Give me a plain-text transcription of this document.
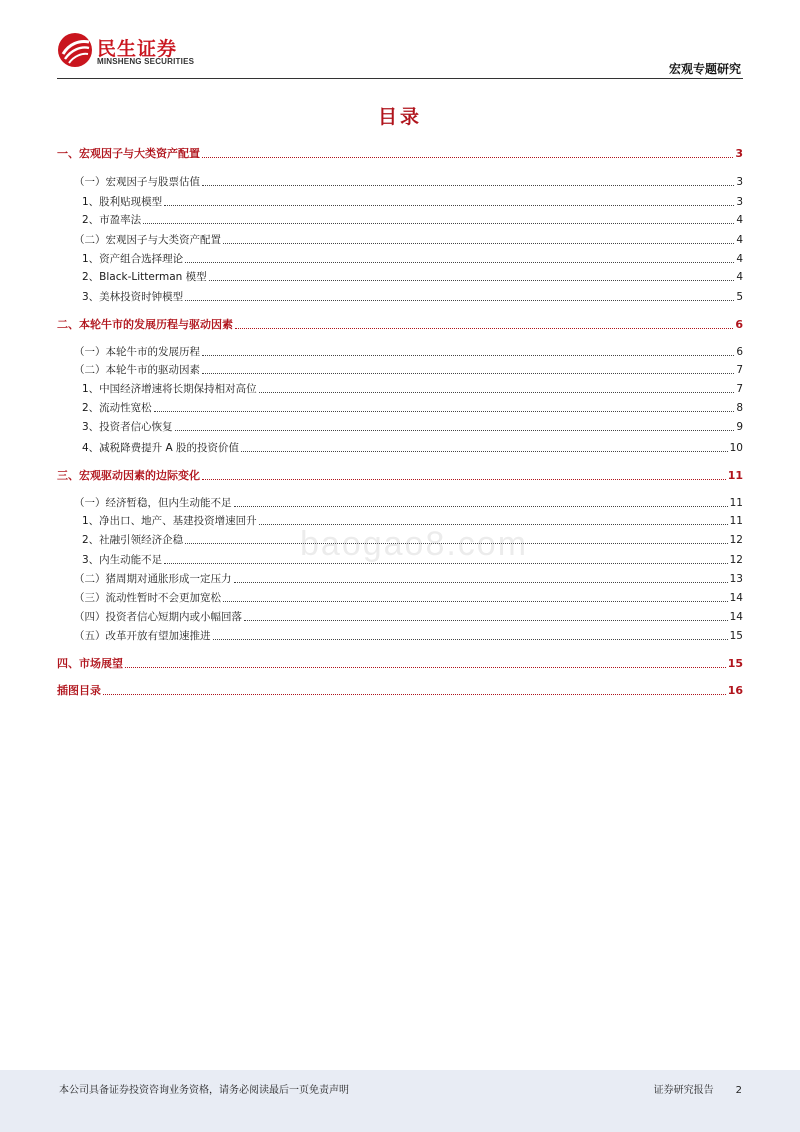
民生证券
MINSHENG SECURITIES
宏观专题研究
目录
一、宏观因子与大类资产配置	3
（一）宏观因子与股票估值	3
1、股利贴现模型	3
2、市盈率法	4
（二）宏观因子与大类资产配置	4
1、资产组合选择理论	4
2、Black-Litterman 模型	4
3、美林投资时钟模型	5
二、本轮牛市的发展历程与驱动因素	6
（一）本轮牛市的发展历程	6
（二）本轮牛市的驱动因素	7
1、中国经济增速将长期保持相对高位	7
2、流动性宽松	8
3、投资者信心恢复	9
4、减税降费提升 A 股的投资价值	10
三、宏观驱动因素的边际变化	11
（一）经济暂稳，但内生动能不足	11
1、净出口、地产、基建投资增速回升	11
2、社融引领经济企稳	12
3、内生动能不足	12
（二）猪周期对通胀形成一定压力	13
（三）流动性暂时不会更加宽松	14
（四）投资者信心短期内或小幅回落	14
（五）改革开放有望加速推进	15
四、市场展望	15
插图目录	16
baogao8.com
本公司具备证券投资咨询业务资格，请务必阅读最后一页免责声明	证券研究报告 2
